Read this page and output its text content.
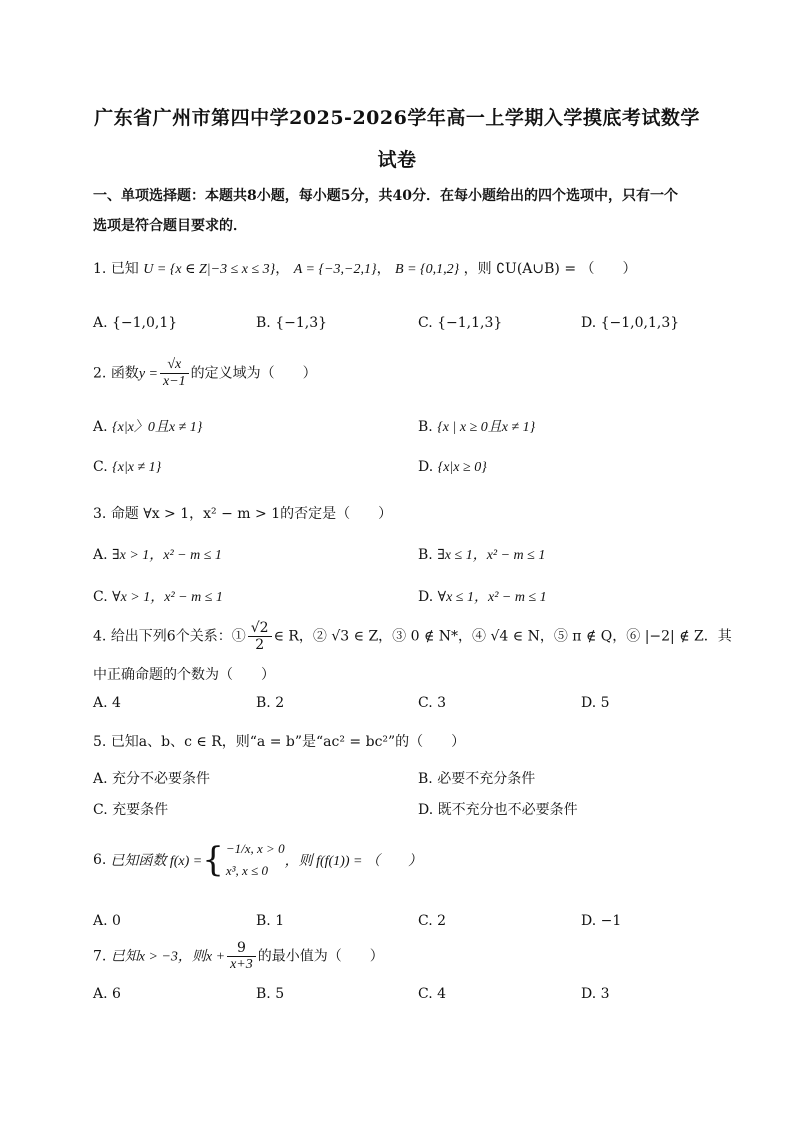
广东省广州市第四中学2025-2026学年高一上学期入学摸底考试数学
试卷
一、单项选择题：本题共8小题，每小题5分，共40分．在每小题给出的四个选项中，只有一个
选项是符合题目要求的．
1. 已知 U = {x ∈ Z|−3 ≤ x ≤ 3}， A = {−3,−2,1}， B = {0,1,2} ，则 ∁U(A∪B) = （　　）
A. {−1,0,1}	B. {−1,3}	C. {−1,1,3}	D. {−1,0,1,3}
2. 函数$y = \frac{√x}{x-1}$ 的定义域为（　　）
A. {x|x〉0且x ≠ 1}	B. {x | x ≥ 0且x ≠ 1}
C. {x|x ≠ 1}	D. {x|x ≥ 0}
3. 命题 ∀x > 1，x² − m > 1的否定是（　　）
A. ∃x > 1，x² − m ≤ 1	B. ∃x ≤ 1，x² − m ≤ 1
C. ∀x > 1，x² − m ≤ 1	D. ∀x ≤ 1，x² − m ≤ 1
4. 给出下列6个关系：① $\frac{√2}{2}$ ∈ R，② √3 ∈ Z，③ 0 ∉ N*，④ √4 ∈ N，⑤ π ∉ Q，⑥ |−2| ∉ Z．其
中正确命题的个数为（　　）
A. 4	B. 2	C. 3	D. 5
5. 已知a、b、c ∈ R，则“a = b”是“ac² = bc²”的（　　）
A. 充分不必要条件	B. 必要不充分条件
C. 充要条件	D. 既不充分也不必要条件
6. 已知函数 f(x) = { −1/x, x > 0
x³, x ≤ 0
，则 f(f(1)) = （　　）
A. 0	B. 1	C. 2	D. −1
7. 已知x > −3，则$x + \frac{9}{x+3}$ 的最小值为（　　）
A. 6	B. 5	C. 4	D. 3
